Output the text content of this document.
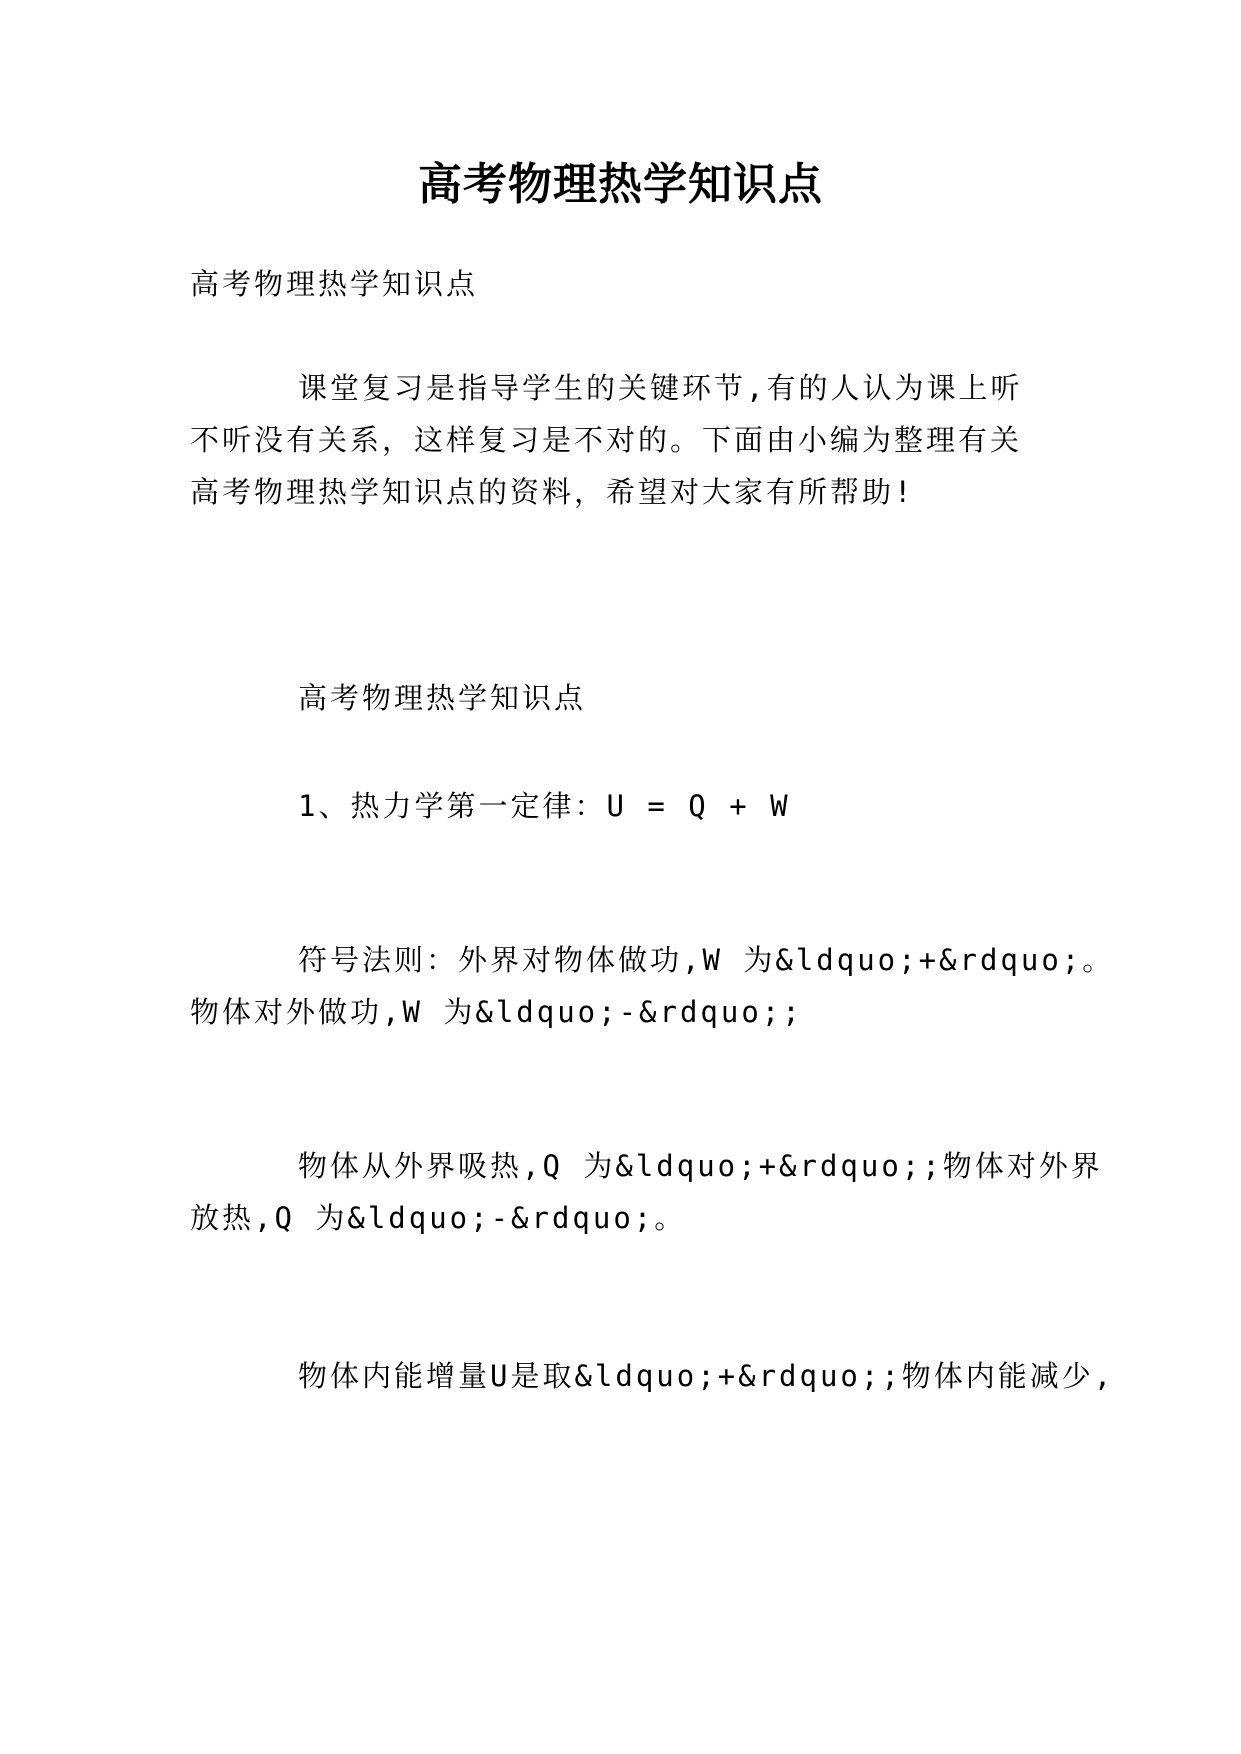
高考物理热学知识点
高考物理热学知识点
课堂复习是指导学生的关键环节,有的人认为课上听
不听没有关系，这样复习是不对的。下面由小编为整理有关
高考物理热学知识点的资料，希望对大家有所帮助!
高考物理热学知识点
1、热力学第一定律：U = Q + W
符号法则：外界对物体做功,W 为&ldquo;+&rdquo;。
物体对外做功,W 为&ldquo;-&rdquo;;
物体从外界吸热,Q 为&ldquo;+&rdquo;;物体对外界
放热,Q 为&ldquo;-&rdquo;。
物体内能增量U是取&ldquo;+&rdquo;;物体内能减少,
